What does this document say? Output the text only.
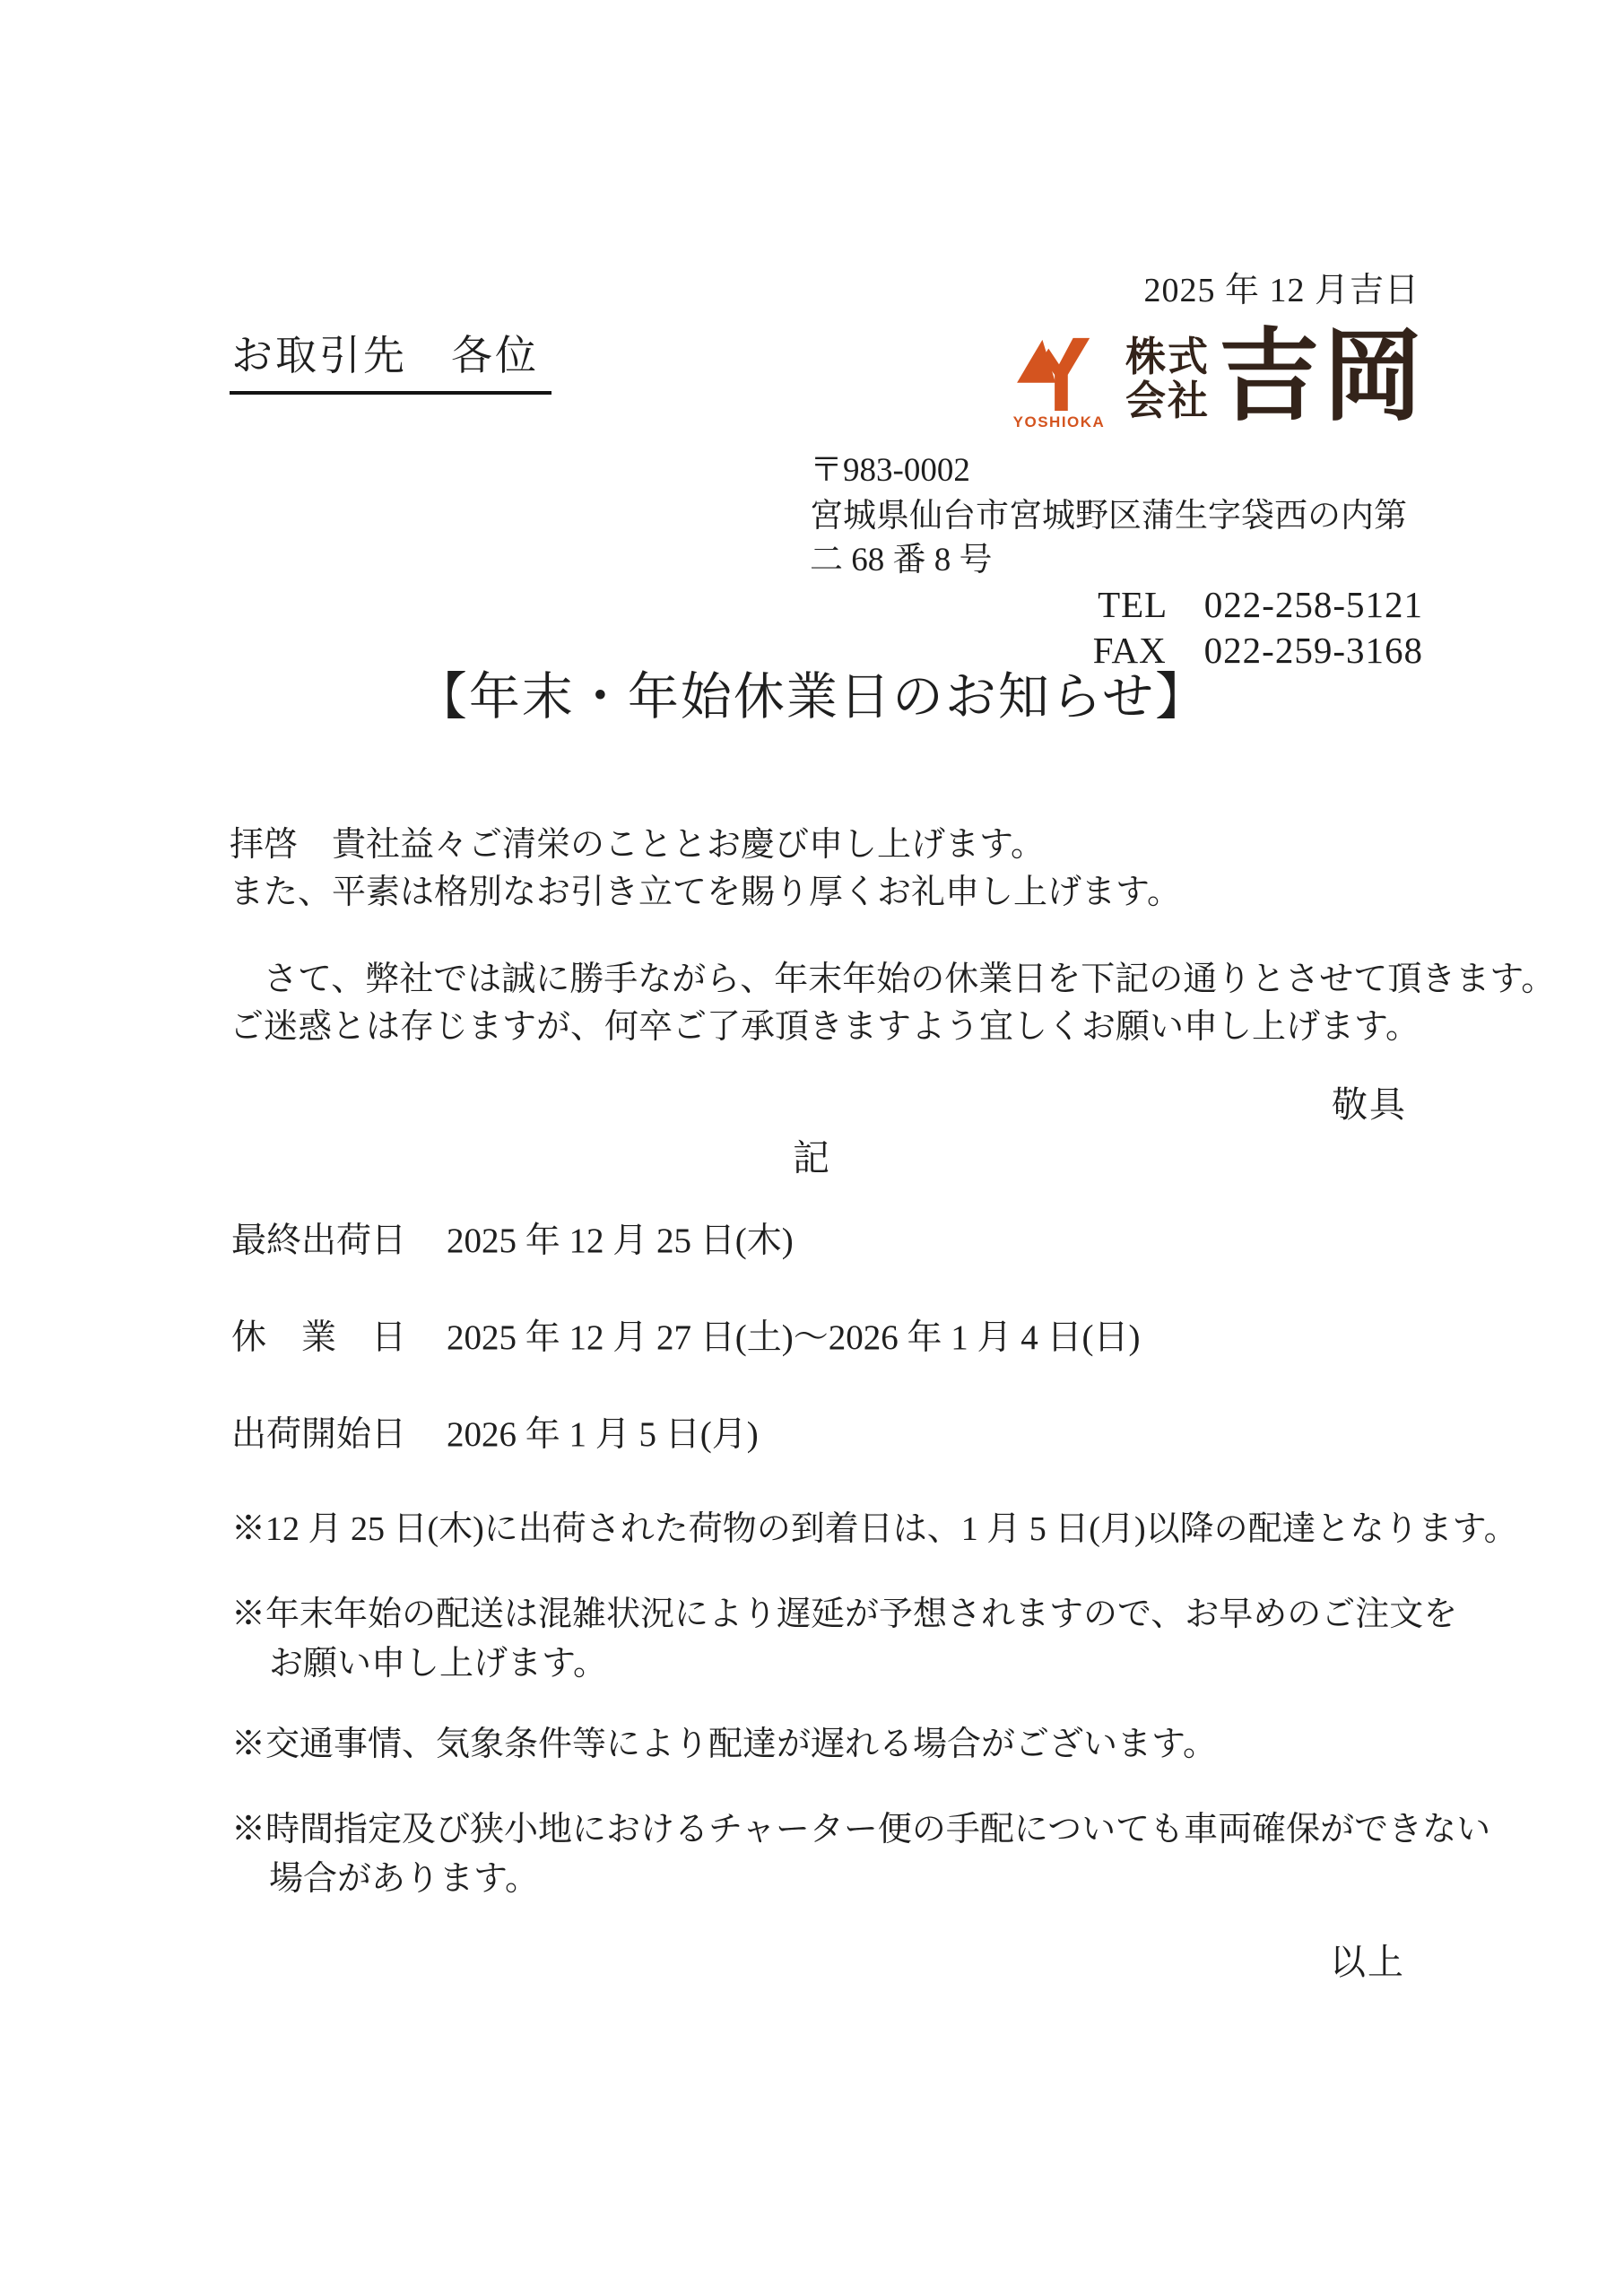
2025 年 12 月吉日
お取引先　各位
YOSHIOKA
株式
会社 吉岡
〒983-0002
宮城県仙台市宮城野区蒲生字袋西の内第二 68 番 8 号
TEL　022-258-5121
FAX　022-259-3168
【年末・年始休業日のお知らせ】
拝啓　貴社益々ご清栄のこととお慶び申し上げます。
また、平素は格別なお引き立てを賜り厚くお礼申し上げます。
　さて、弊社では誠に勝手ながら、年末年始の休業日を下記の通りとさせて頂きます。
ご迷惑とは存じますが、何卒ご了承頂きますよう宜しくお願い申し上げます。
敬具
記
最終出荷日 2025 年 12 月 25 日(木)
休　業　日 2025 年 12 月 27 日(土)～2026 年 1 月 4 日(日)
出荷開始日 2026 年 1 月 5 日(月)
※12 月 25 日(木)に出荷された荷物の到着日は、1 月 5 日(月)以降の配達となります。
※年末年始の配送は混雑状況により遅延が予想されますので、お早めのご注文を
お願い申し上げます。
※交通事情、気象条件等により配達が遅れる場合がございます。
※時間指定及び狭小地におけるチャーター便の手配についても車両確保ができない
場合があります。
以上
